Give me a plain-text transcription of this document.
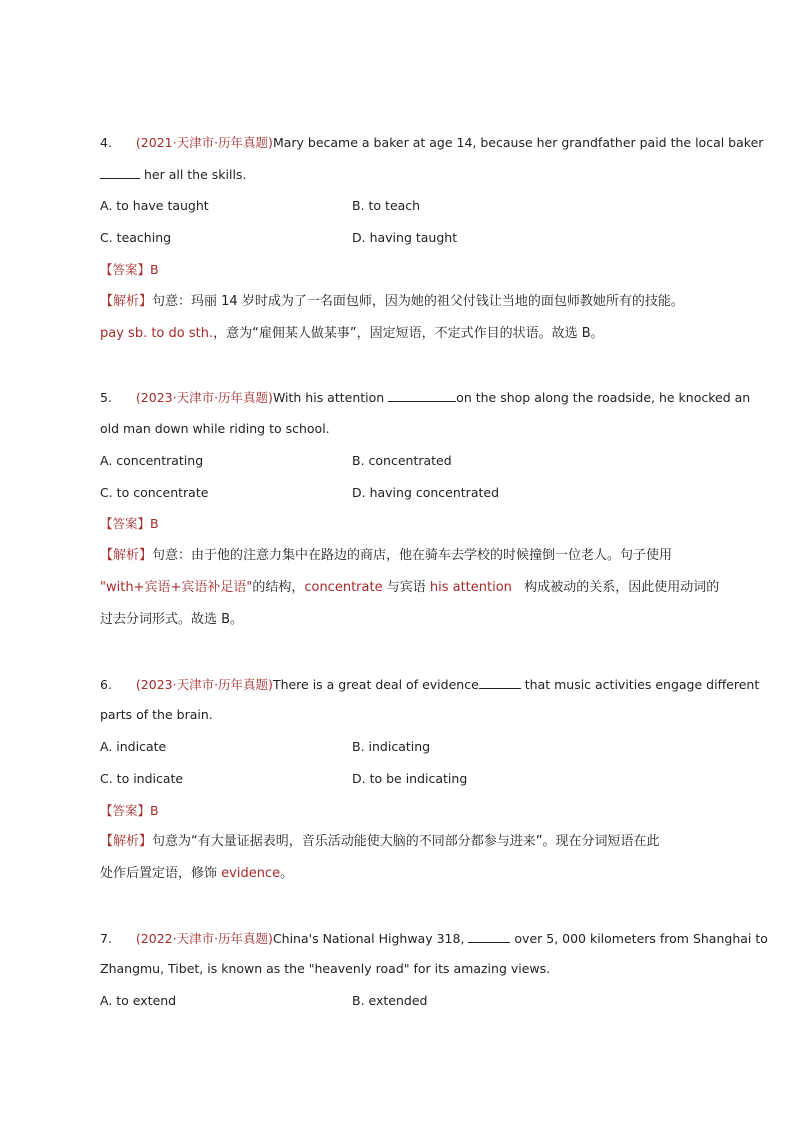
4. (2021·天津市·历年真题)Mary became a baker at age 14, because her grandfather paid the local baker
her all the skills.
A. to have taught	B. to teach
C. teaching	D. having taught
【答案】B
【解析】句意：玛丽 14 岁时成为了一名面包师，因为她的祖父付钱让当地的面包师教她所有的技能。
pay sb. to do sth.，意为“雇佣某人做某事”，固定短语，不定式作目的状语。故选 B。
5. (2023·天津市·历年真题)With his attention	on the shop along the roadside, he knocked an
old man down while riding to school.
A. concentrating	B. concentrated
C. to concentrate	D. having concentrated
【答案】B
【解析】句意：由于他的注意力集中在路边的商店，他在骑车去学校的时候撞倒一位老人。句子使用
"with+宾语+宾语补足语"的结构，concentrate 与宾语 his attention   构成被动的关系，因此使用动词的
过去分词形式。故选 B。
6. (2023·天津市·历年真题)There is a great deal of evidence	that music activities engage different
parts of the brain.
A. indicate	B. indicating
C. to indicate	D. to be indicating
【答案】B
【解析】句意为“有大量证据表明，音乐活动能使大脑的不同部分都参与进来”。现在分词短语在此
处作后置定语，修饰 evidence。
7. (2022·天津市·历年真题)China's National Highway 318,	over 5, 000 kilometers from Shanghai to
Zhangmu, Tibet, is known as the "heavenly road" for its amazing views.
A. to extend	B. extended
